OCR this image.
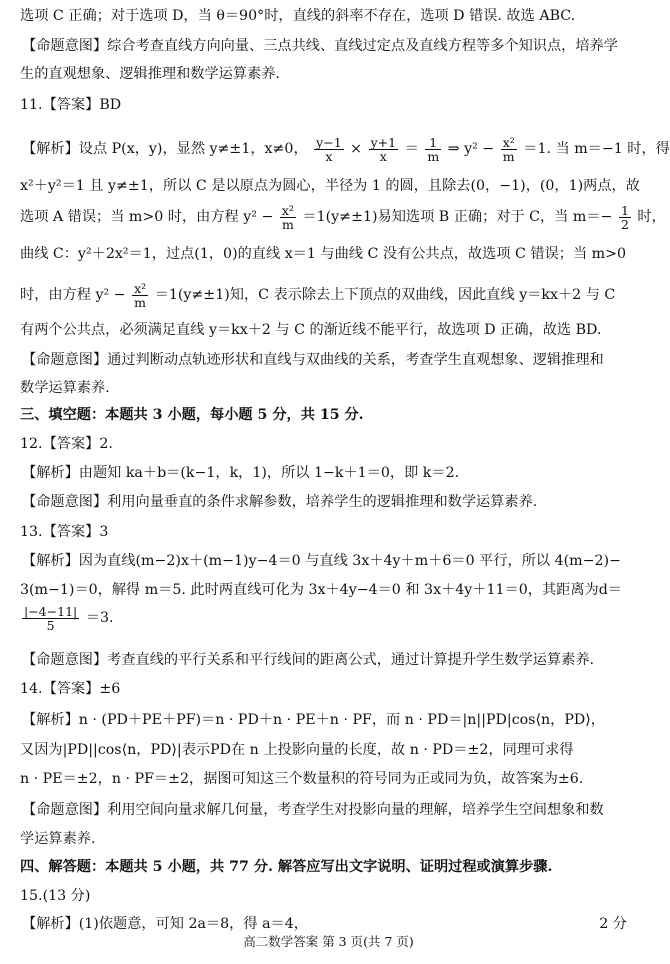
选项 C 正确；对于选项 D，当 θ＝90°时，直线的斜率不存在，选项 D 错误. 故选 ABC.
【命题意图】综合考查直线方向向量、三点共线、直线过定点及直线方程等多个知识点，培养学
生的直观想象、逻辑推理和数学运算素养.
11.【答案】BD
【解析】设点 P(x，y)，显然 y≠±1，x≠0， $\frac{y-1}{x} \times \frac{y+1}{x} = \frac{1}{m}$ ⇒ $y^2 - \frac{\text{x²}}{m} =1$. 当 m＝−1 时，得
x²＋y²＝1 且 y≠±1，所以 C 是以原点为圆心，半径为 1 的圆，且除去(0，−1)，(0，1)两点，故
选项 A 错误；当 m>0 时，由方程 $y^2 - \frac{\text{x²}}{m} =1(y\ne\pm 1)$易知选项 B 正确；对于 C，当 $m=- \frac{1}{2}$ 时，
曲线 C：y²＋2x²＝1，过点(1，0)的直线 x＝1 与曲线 C 没有公共点，故选项 C 错误；当 m>0
时，由方程 $y^2 - \frac{\text{x²}}{m} =1(y\ne\pm 1)$知，C 表示除去上下顶点的双曲线，因此直线 y＝kx＋2 与 C
有两个公共点，必须满足直线 y＝kx＋2 与 C 的渐近线不能平行，故选项 D 正确，故选 BD.
【命题意图】通过判断动点轨迹形状和直线与双曲线的关系，考查学生直观想象、逻辑推理和
数学运算素养.
三、填空题：本题共 3 小题，每小题 5 分，共 15 分.
12.【答案】2.
【解析】由题知 ka＋b＝(k−1，k，1)，所以 1−k＋1＝0，即 k＝2.
【命题意图】利用向量垂直的条件求解参数，培养学生的逻辑推理和数学运算素养.
13.【答案】3
【解析】因为直线(m−2)x＋(m−1)y−4＝0 与直线 3x＋4y＋m＋6＝0 平行，所以 4(m−2)−
3(m−1)＝0，解得 m＝5. 此时两直线可化为 3x＋4y−4＝0 和 3x＋4y＋11＝0，其距离为d＝
$\frac{|-4-11|}{5} =3$.
【命题意图】考查直线的平行关系和平行线间的距离公式，通过计算提升学生数学运算素养.
14.【答案】±6
【解析】n · (PD＋PE＋PF)＝n · PD＋n · PE＋n · PF，而 n · PD＝|n||PD|cos⟨n，PD⟩，
又因为|PD||cos⟨n，PD⟩|表示PD在 n 上投影向量的长度，故 n · PD＝±2，同理可求得
n · PE＝±2，n · PF＝±2，据图可知这三个数量积的符号同为正或同为负，故答案为±6.
【命题意图】利用空间向量求解几何量，考查学生对投影向量的理解，培养学生空间想象和数
学运算素养.
四、解答题：本题共 5 小题，共 77 分. 解答应写出文字说明、证明过程或演算步骤.
15.(13 分)
【解析】(1)依题意，可知 2a＝8，得 a＝4，	2 分
高二数学答案 第 3 页(共 7 页)
